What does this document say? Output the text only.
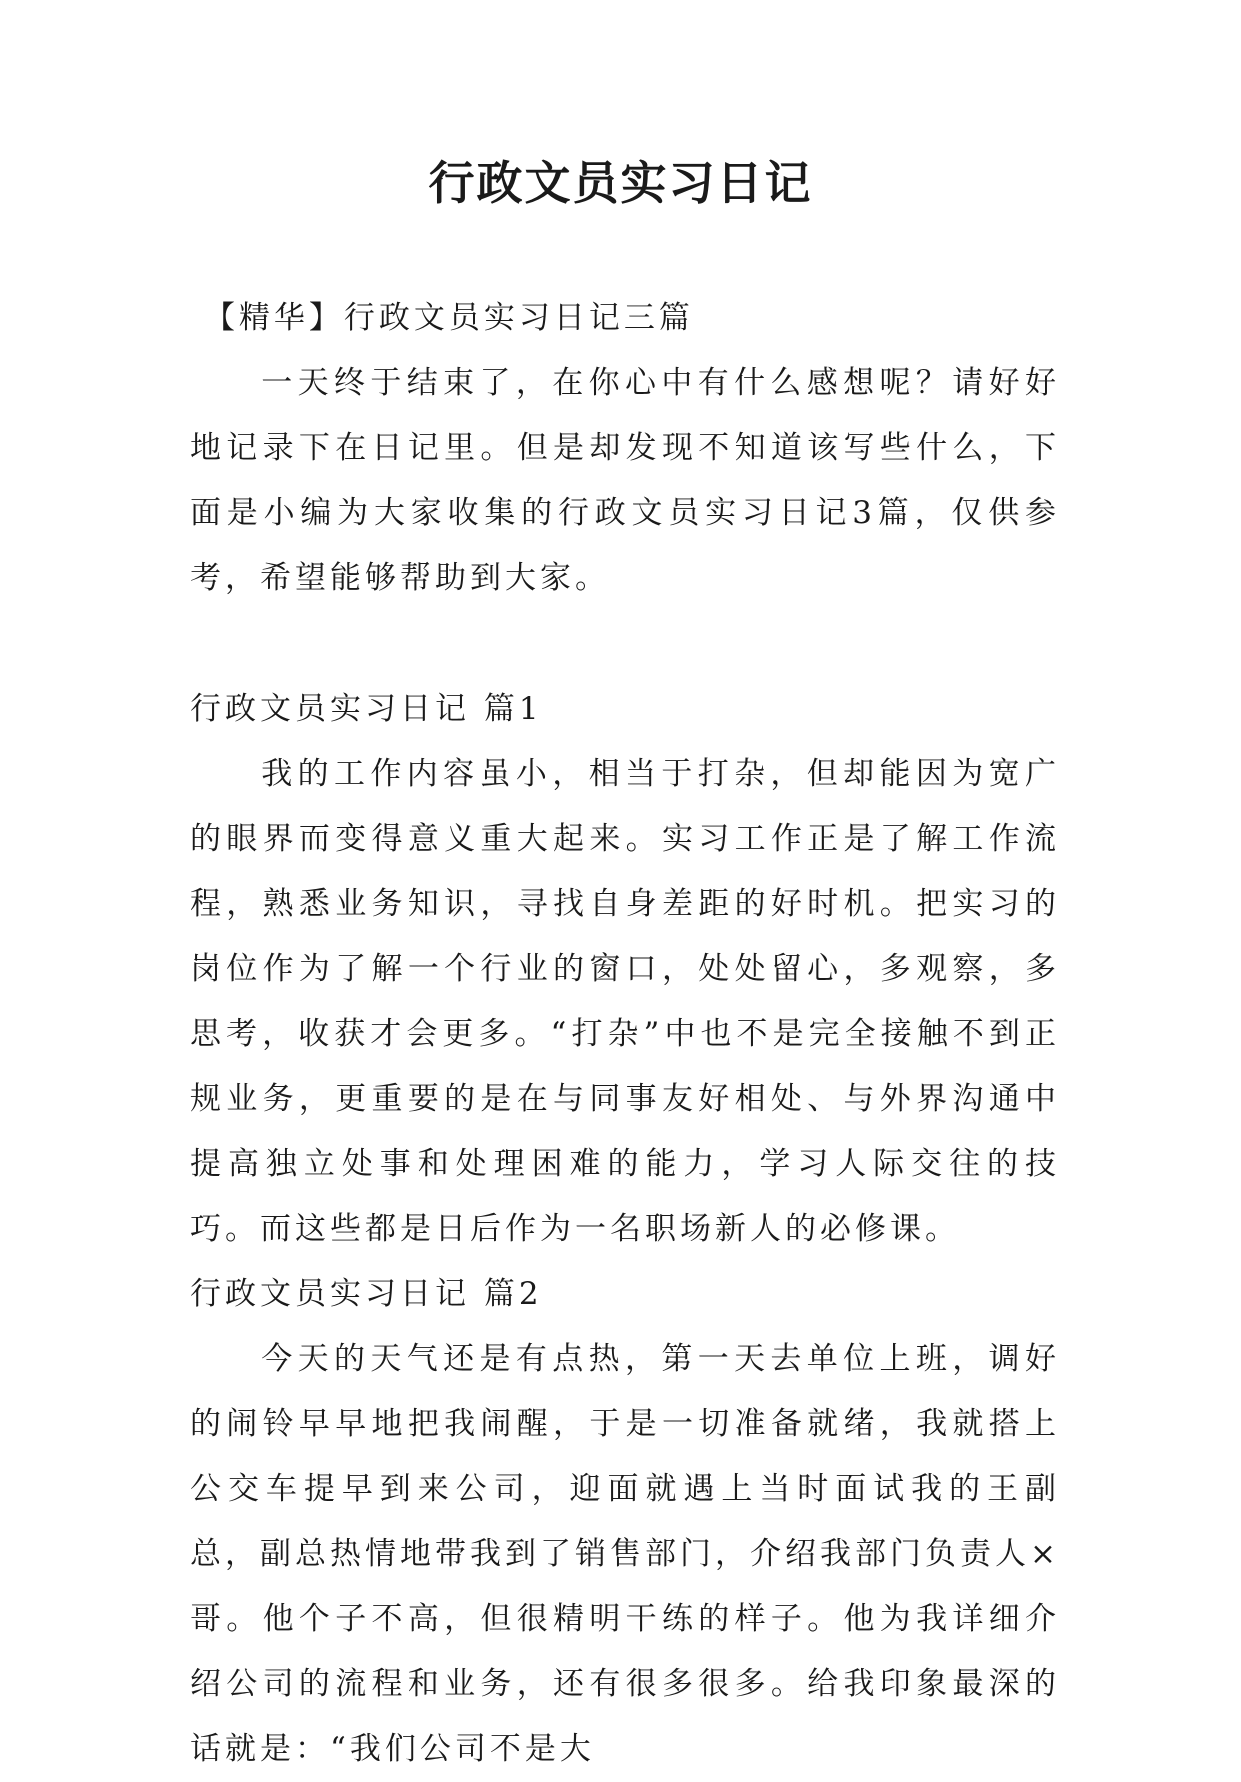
行政文员实习日记

【精华】行政文员实习日记三篇

一天终于结束了，在你心中有什么感想呢？请好好地记录下在日记里。但是却发现不知道该写些什么，下面是小编为大家收集的行政文员实习日记3篇，仅供参考，希望能够帮助到大家。

行政文员实习日记 篇1

我的工作内容虽小，相当于打杂，但却能因为宽广的眼界而变得意义重大起来。实习工作正是了解工作流程，熟悉业务知识，寻找自身差距的好时机。把实习的岗位作为了解一个行业的窗口，处处留心，多观察，多思考，收获才会更多。“打杂”中也不是完全接触不到正规业务，更重要的是在与同事友好相处、与外界沟通中提高独立处事和处理困难的能力，学习人际交往的技巧。而这些都是日后作为一名职场新人的必修课。

行政文员实习日记 篇2

今天的天气还是有点热，第一天去单位上班，调好的闹铃早早地把我闹醒，于是一切准备就绪，我就搭上公交车提早到来公司，迎面就遇上当时面试我的王副总，副总热情地带我到了销售部门，介绍我部门负责人×哥。他个子不高，但很精明干练的样子。他为我详细介绍公司的流程和业务，还有很多很多。给我印象最深的话就是：“我们公司不是大
